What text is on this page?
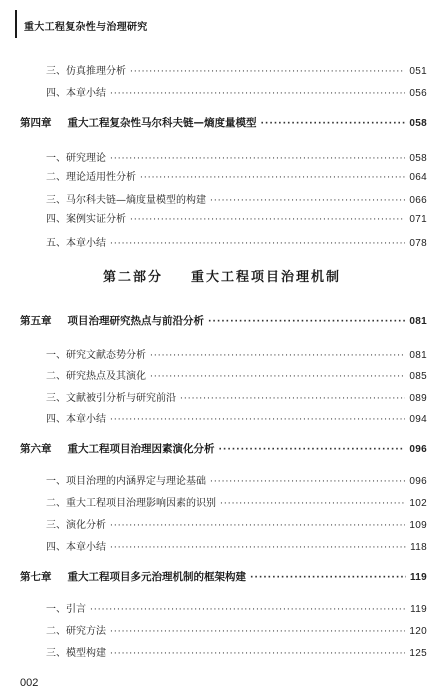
重大工程复杂性与治理研究
三、仿真推理分析 ·····	051
四、本章小结 ·····	056
第四章 重大工程复杂性马尔科夫链—熵度量模型 ·····	058
一、研究理论 ·····	058
二、理论适用性分析 ·····	064
三、马尔科夫链—熵度量模型的构建 ·····	066
四、案例实证分析 ·····	071
五、本章小结 ·····	078
第二部分 重大工程项目治理机制
第五章 项目治理研究热点与前沿分析 ·····	081
一、研究文献态势分析 ·····	081
二、研究热点及其演化 ·····	085
三、文献被引分析与研究前沿 ·····	089
四、本章小结 ·····	094
第六章 重大工程项目治理因素演化分析 ·····	096
一、项目治理的内涵界定与理论基础 ·····	096
二、重大工程项目治理影响因素的识别 ·····	102
三、演化分析 ·····	109
四、本章小结 ·····	118
第七章 重大工程项目多元治理机制的框架构建 ·····	119
一、引言 ·····	119
二、研究方法 ·····	120
三、模型构建 ·····	125
002
